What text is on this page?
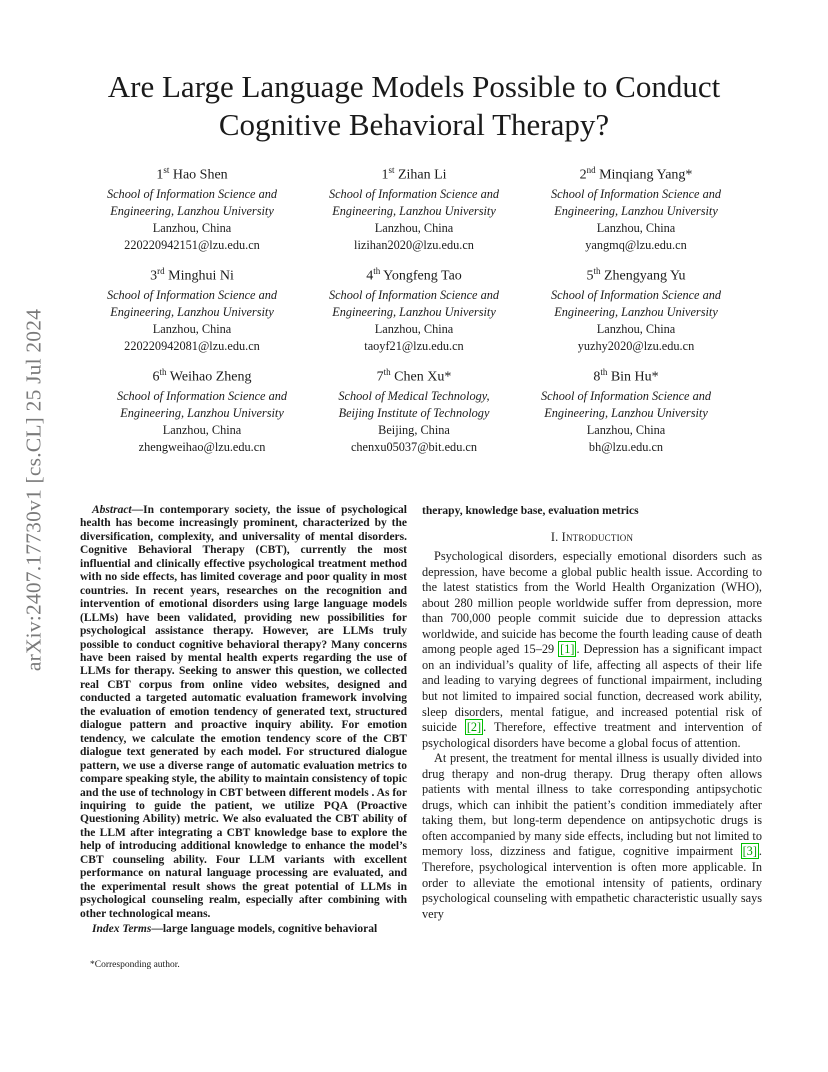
arXiv:2407.17730v1 [cs.CL] 25 Jul 2024
Are Large Language Models Possible to Conduct Cognitive Behavioral Therapy?
1st Hao Shen
School of Information Science and
Engineering, Lanzhou University
Lanzhou, China
220220942151@lzu.edu.cn
1st Zihan Li
School of Information Science and
Engineering, Lanzhou University
Lanzhou, China
lizihan2020@lzu.edu.cn
2nd Minqiang Yang*
School of Information Science and
Engineering, Lanzhou University
Lanzhou, China
yangmq@lzu.edu.cn
3rd Minghui Ni
School of Information Science and
Engineering, Lanzhou University
Lanzhou, China
220220942081@lzu.edu.cn
4th Yongfeng Tao
School of Information Science and
Engineering, Lanzhou University
Lanzhou, China
taoyf21@lzu.edu.cn
5th Zhengyang Yu
School of Information Science and
Engineering, Lanzhou University
Lanzhou, China
yuzhy2020@lzu.edu.cn
6th Weihao Zheng
School of Information Science and
Engineering, Lanzhou University
Lanzhou, China
zhengweihao@lzu.edu.cn
7th Chen Xu*
School of Medical Technology,
Beijing Institute of Technology
Beijing, China
chenxu05037@bit.edu.cn
8th Bin Hu*
School of Information Science and
Engineering, Lanzhou University
Lanzhou, China
bh@lzu.edu.cn

Abstract—In contemporary society, the issue of psychological health has become increasingly prominent, characterized by the diversification, complexity, and universality of mental disorders. Cognitive Behavioral Therapy (CBT), currently the most influential and clinically effective psychological treatment method with no side effects, has limited coverage and poor quality in most countries. In recent years, researches on the recognition and intervention of emotional disorders using large language models (LLMs) have been validated, providing new possibilities for psychological assistance therapy. However, are LLMs truly possible to conduct cognitive behavioral therapy? Many concerns have been raised by mental health experts regarding the use of LLMs for therapy. Seeking to answer this question, we collected real CBT corpus from online video websites, designed and conducted a targeted automatic evaluation framework involving the evaluation of emotion tendency of generated text, structured dialogue pattern and proactive inquiry ability. For emotion tendency, we calculate the emotion tendency score of the CBT dialogue text generated by each model. For structured dialogue pattern, we use a diverse range of automatic evaluation metrics to compare speaking style, the ability to maintain consistency of topic and the use of technology in CBT between different models . As for inquiring to guide the patient, we utilize PQA (Proactive Questioning Ability) metric. We also evaluated the CBT ability of the LLM after integrating a CBT knowledge base to explore the help of introducing additional knowledge to enhance the model’s CBT counseling ability. Four LLM variants with excellent performance on natural language processing are evaluated, and the experimental result shows the great potential of LLMs in psychological counseling realm, especially after combining with other technological means.

Index Terms—large language models, cognitive behavioral

*Corresponding author.

therapy, knowledge base, evaluation metrics

I. Introduction

Psychological disorders, especially emotional disorders such as depression, have become a global public health issue. According to the latest statistics from the World Health Organization (WHO), about 280 million people worldwide suffer from depression, more than 700,000 people commit suicide due to depression attacks worldwide, and suicide has become the fourth leading cause of death among people aged 15–29 [1] . Depression has a significant impact on an individual’s quality of life, affecting all aspects of their life and leading to varying degrees of functional impairment, including but not limited to impaired social function, decreased work ability, sleep disorders, mental fatigue, and increased potential risk of suicide [2] . Therefore, effective treatment and intervention of psychological disorders have become a global focus of attention.

At present, the treatment for mental illness is usually divided into drug therapy and non-drug therapy. Drug therapy often allows patients with mental illness to take corresponding antipsychotic drugs, which can inhibit the patient’s condition immediately after taking them, but long-term dependence on antipsychotic drugs is often accompanied by many side effects, including but not limited to memory loss, dizziness and fatigue, cognitive impairment [3] . Therefore, psychological intervention is often more applicable. In order to alleviate the emotional intensity of patients, ordinary psychological counseling with empathetic characteristic usually says very
